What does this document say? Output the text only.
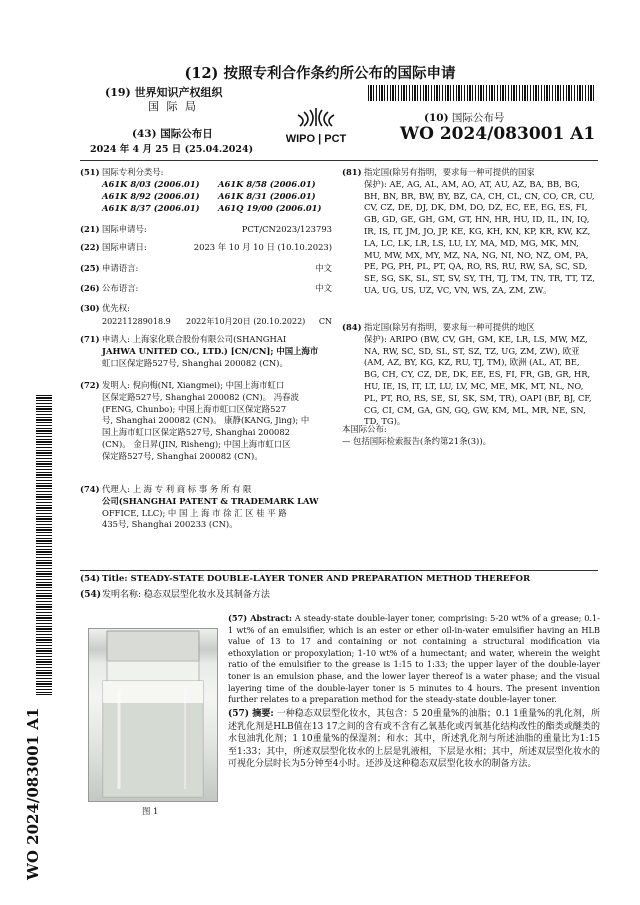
(12) 按照专利合作条约所公布的国际申请
(19) 世界知识产权组织
国 际 局
(43) 国际公布日
2024 年 4 月 25 日 (25.04.2024)
WIPO | PCT
(10) 国际公布号
WO 2024/083001 A1
WO 2024/083001 A1
(51) 国际专利分类号:
A61K 8/03 (2006.01) A61K 8/58 (2006.01)
A61K 8/92 (2006.01) A61K 8/31 (2006.01)
A61K 8/37 (2006.01) A61Q 19/00 (2006.01)
(21) 国际申请号:	PCT/CN2023/123793
(22) 国际申请日:	2023 年 10 月 10 日 (10.10.2023)
(25) 申请语言:	中文
(26) 公布语言:	中文
(30) 优先权:
202211289018.9 2022年10月20日 (20.10.2022) CN
(71) 申请人: 上海家化联合股份有限公司(SHANGHAI
JAHWA UNITED CO., LTD.) [CN/CN]; 中国上海市
虹口区保定路527号, Shanghai 200082 (CN)。
(72) 发明人: 倪向梅(NI, Xiangmei); 中国上海市虹口
区保定路527号, Shanghai 200082 (CN)。 冯春波
(FENG, Chunbo); 中国上海市虹口区保定路527
号, Shanghai 200082 (CN)。 康静(KANG, Jing); 中
国上海市虹口区保定路527号, Shanghai 200082
(CN)。 金日昇(JIN, Risheng); 中国上海市虹口区
保定路527号, Shanghai 200082 (CN)。
(74) 代理人: 上 海 专 利 商 标 事 务 所 有 限
公司(SHANGHAI PATENT & TRADEMARK LAW
OFFICE, LLC); 中 国 上 海 市 徐 汇 区 桂 平 路
435号, Shanghai 200233 (CN)。
(81) 指定国(除另有指明，要求每一种可提供的国家
保护): AE, AG, AL, AM, AO, AT, AU, AZ, BA, BB, BG,
BH, BN, BR, BW, BY, BZ, CA, CH, CL, CN, CO, CR, CU,
CV, CZ, DE, DJ, DK, DM, DO, DZ, EC, EE, EG, ES, FI,
GB, GD, GE, GH, GM, GT, HN, HR, HU, ID, IL, IN, IQ,
IR, IS, IT, JM, JO, JP, KE, KG, KH, KN, KP, KR, KW, KZ,
LA, LC, LK, LR, LS, LU, LY, MA, MD, MG, MK, MN,
MU, MW, MX, MY, MZ, NA, NG, NI, NO, NZ, OM, PA,
PE, PG, PH, PL, PT, QA, RO, RS, RU, RW, SA, SC, SD,
SE, SG, SK, SL, ST, SV, SY, TH, TJ, TM, TN, TR, TT, TZ,
UA, UG, US, UZ, VC, VN, WS, ZA, ZM, ZW。
(84) 指定国(除另有指明，要求每一种可提供的地区
保护): ARIPO (BW, CV, GH, GM, KE, LR, LS, MW, MZ,
NA, RW, SC, SD, SL, ST, SZ, TZ, UG, ZM, ZW), 欧亚
(AM, AZ, BY, KG, KZ, RU, TJ, TM), 欧洲 (AL, AT, BE,
BG, CH, CY, CZ, DE, DK, EE, ES, FI, FR, GB, GR, HR,
HU, IE, IS, IT, LT, LU, LV, MC, ME, MK, MT, NL, NO,
PL, PT, RO, RS, SE, SI, SK, SM, TR), OAPI (BF, BJ, CF,
CG, CI, CM, GA, GN, GQ, GW, KM, ML, MR, NE, SN,
TD, TG)。
本国际公布:
— 包括国际检索报告(条约第21条(3))。
(54) Title: STEADY-STATE DOUBLE-LAYER TONER AND PREPARATION METHOD THEREFOR
(54)发明名称: 稳态双层型化妆水及其制备方法
图 1
(57) Abstract: A steady-state double-layer toner, comprising: 5-20 wt% of a grease; 0.1-1 wt% of an emulsifier, which is an ester or ether oil-in-water emulsifier having an HLB value of 13 to 17 and containing or not containing a structural modification via ethoxylation or propoxylation; 1-10 wt% of a humectant; and water, wherein the weight ratio of the emulsifier to the grease is 1:15 to 1:33; the upper layer of the double-layer toner is an emulsion phase, and the lower layer thereof is a water phase; and the visual layering time of the double-layer toner is 5 minutes to 4 hours. The present invention further relates to a preparation method for the steady-state double-layer toner.
(57) 摘要: 一种稳态双层型化妆水，其包含：5 20重量%的油脂；0.1 1重量%的乳化剂，所述乳化剂是HLB值在13 17之间的含有或不含有乙氧基化或丙氧基化结构改性的酯类或醚类的水包油乳化剂；1 10重量%的保湿剂；和水；其中，所述乳化剂与所述油脂的重量比为1:15至1:33；其中，所述双层型化妆水的上层是乳液相，下层是水相；其中，所述双层型化妆水的可视化分层时长为5分钟至4小时。还涉及这种稳态双层型化妆水的制备方法。
